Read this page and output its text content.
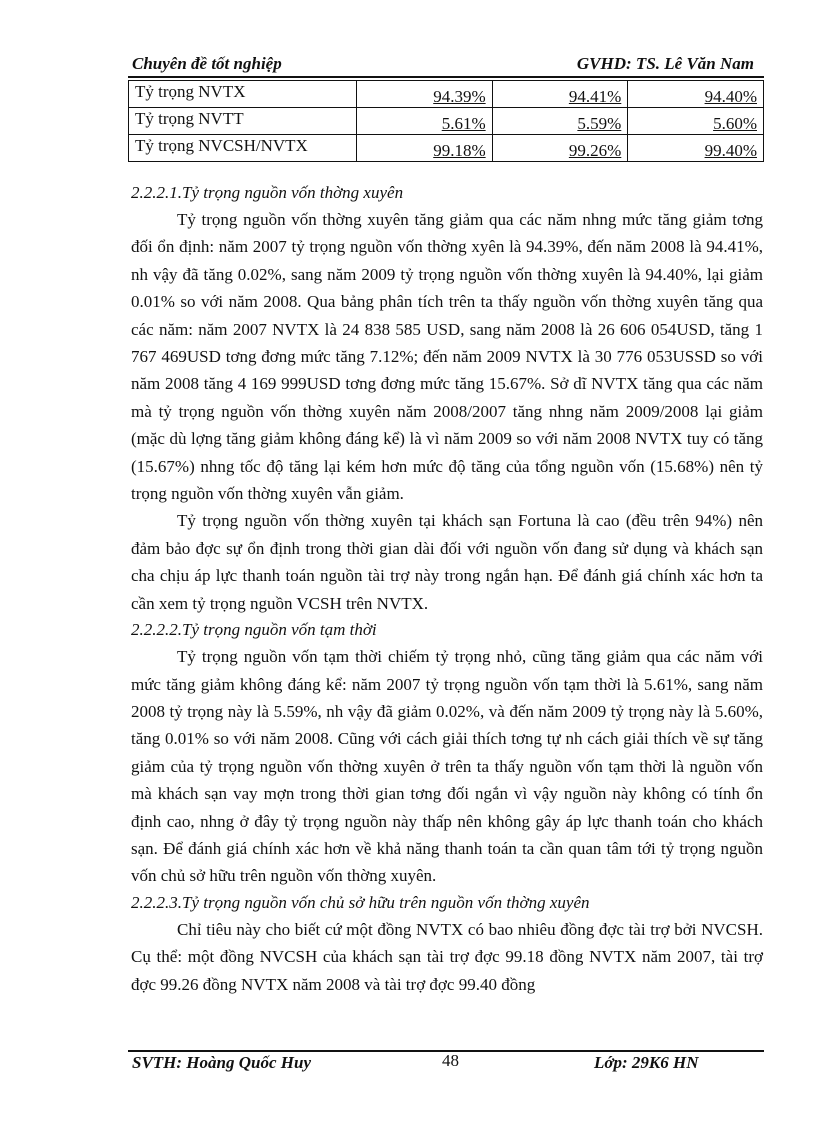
Chuyên đề tốt nghiệp	GVHD: TS. Lê Văn Nam
Tỷ trọng NVTX	94.39%	94.41%	94.40%
Tỷ trọng NVTT	5.61%	5.59%	5.60%
Tỷ trọng NVCSH/NVTX	99.18%	99.26%	99.40%
2.2.2.1.Tỷ trọng nguồn vốn thờng xuyên

Tỷ trọng nguồn vốn thờng xuyên tăng giảm qua các năm nhng mức tăng giảm tơng đối ổn định: năm 2007 tỷ trọng nguồn vốn thờng xyên là 94.39%, đến năm 2008 là 94.41%, nh vậy đã tăng 0.02%, sang năm 2009 tỷ trọng nguồn vốn thờng xuyên là 94.40%, lại giảm 0.01% so với năm 2008. Qua bảng phân tích trên ta thấy nguồn vốn thờng xuyên tăng qua các năm: năm 2007 NVTX là 24 838 585 USD, sang năm 2008 là 26 606 054USD, tăng 1 767 469USD tơng đơng mức tăng 7.12%; đến năm 2009 NVTX là 30 776 053USSD so với năm 2008 tăng 4 169 999USD tơng đơng mức tăng 15.67%. Sở dĩ NVTX tăng qua các năm mà tỷ trọng nguồn vốn thờng xuyên năm 2008/2007 tăng nhng năm 2009/2008 lại giảm (mặc dù lợng tăng giảm không đáng kể) là vì năm 2009 so với năm 2008 NVTX tuy có tăng (15.67%) nhng tốc độ tăng lại kém hơn mức độ tăng của tổng nguồn vốn (15.68%) nên tỷ trọng nguồn vốn thờng xuyên vẫn giảm.

Tỷ trọng nguồn vốn thờng xuyên tại khách sạn Fortuna là cao (đều trên 94%) nên đảm bảo đợc sự ổn định trong thời gian dài đối với nguồn vốn đang sử dụng và khách sạn cha chịu áp lực thanh toán nguồn tài trợ này trong ngắn hạn. Để đánh giá chính xác hơn ta cần xem tỷ trọng nguồn VCSH trên NVTX.

2.2.2.2.Tỷ trọng nguồn vốn tạm thời

Tỷ trọng nguồn vốn tạm thời chiếm tỷ trọng nhỏ, cũng tăng giảm qua các năm với mức tăng giảm không đáng kể: năm 2007 tỷ trọng nguồn vốn tạm thời là 5.61%, sang năm 2008 tỷ trọng này là 5.59%, nh vậy đã giảm 0.02%, và đến năm 2009 tỷ trọng này là 5.60%, tăng 0.01% so với năm 2008. Cũng với cách giải thích tơng tự nh cách giải thích về sự tăng giảm của tỷ trọng nguồn vốn thờng xuyên ở trên ta thấy nguồn vốn tạm thời là nguồn vốn mà khách sạn vay mợn trong thời gian tơng đối ngắn vì vậy nguồn này không có tính ổn định cao, nhng ở đây tỷ trọng nguồn này thấp nên không gây áp lực thanh toán cho khách sạn. Để đánh giá chính xác hơn về khả năng thanh toán ta cần quan tâm tới tỷ trọng nguồn vốn chủ sở hữu trên nguồn vốn thờng xuyên.

2.2.2.3.Tỷ trọng nguồn vốn chủ sở hữu trên nguồn vốn thờng xuyên

Chỉ tiêu này cho biết cứ một đồng NVTX có bao nhiêu đồng đợc tài trợ bởi NVCSH. Cụ thể: một đồng NVCSH của khách sạn tài trợ đợc 99.18 đồng NVTX năm 2007, tài trợ đợc 99.26 đồng NVTX năm 2008 và tài trợ đợc 99.40 đồng

SVTH: Hoàng Quốc Huy	48	Lớp: 29K6 HN
